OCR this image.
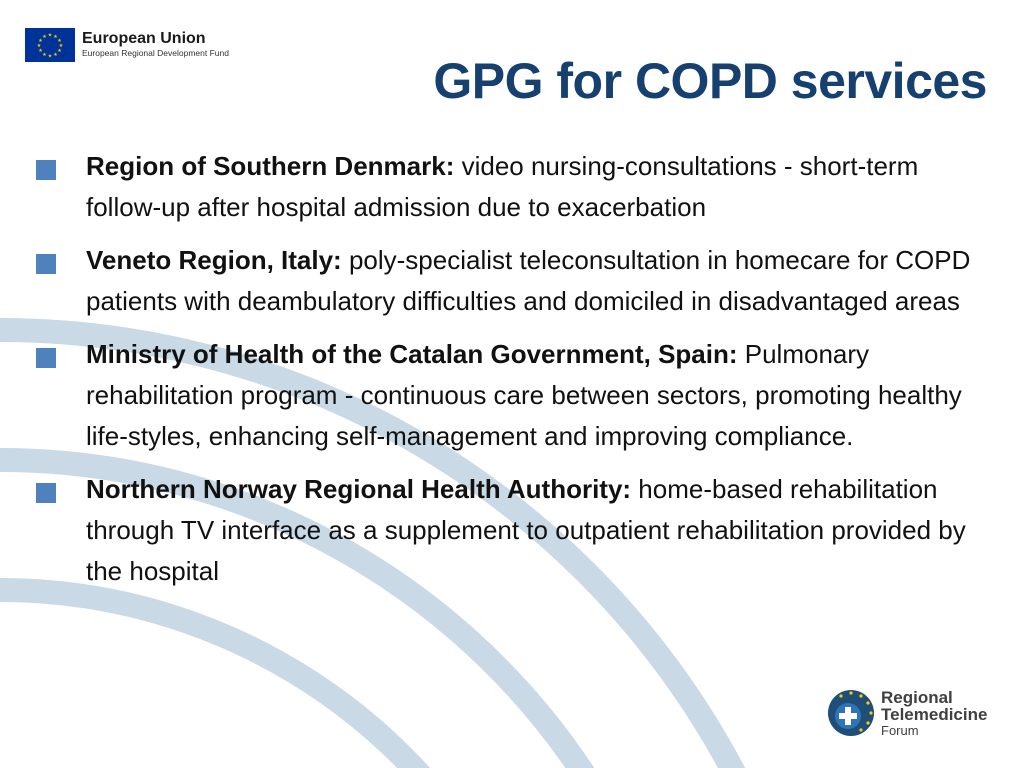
★ ★
★
★
★
★
★
★
★
★
★
★ European Union
European Regional Development Fund	GPG for COPD services
Region of Southern Denmark: video nursing-consultations - short-term follow-up after hospital admission due to exacerbation
Veneto Region, Italy: poly-specialist teleconsultation in homecare for COPD patients with deambulatory difficulties and domiciled in disadvantaged areas
Ministry of Health of the Catalan Government, Spain: Pulmonary rehabilitation program - continuous care between sectors, promoting healthy life-styles, enhancing self-management and improving compliance.
Northern Norway Regional Health Authority: home-based rehabilitation through TV interface as a supplement to outpatient rehabilitation provided by the hospital
Regional
Telemedicine
Forum
